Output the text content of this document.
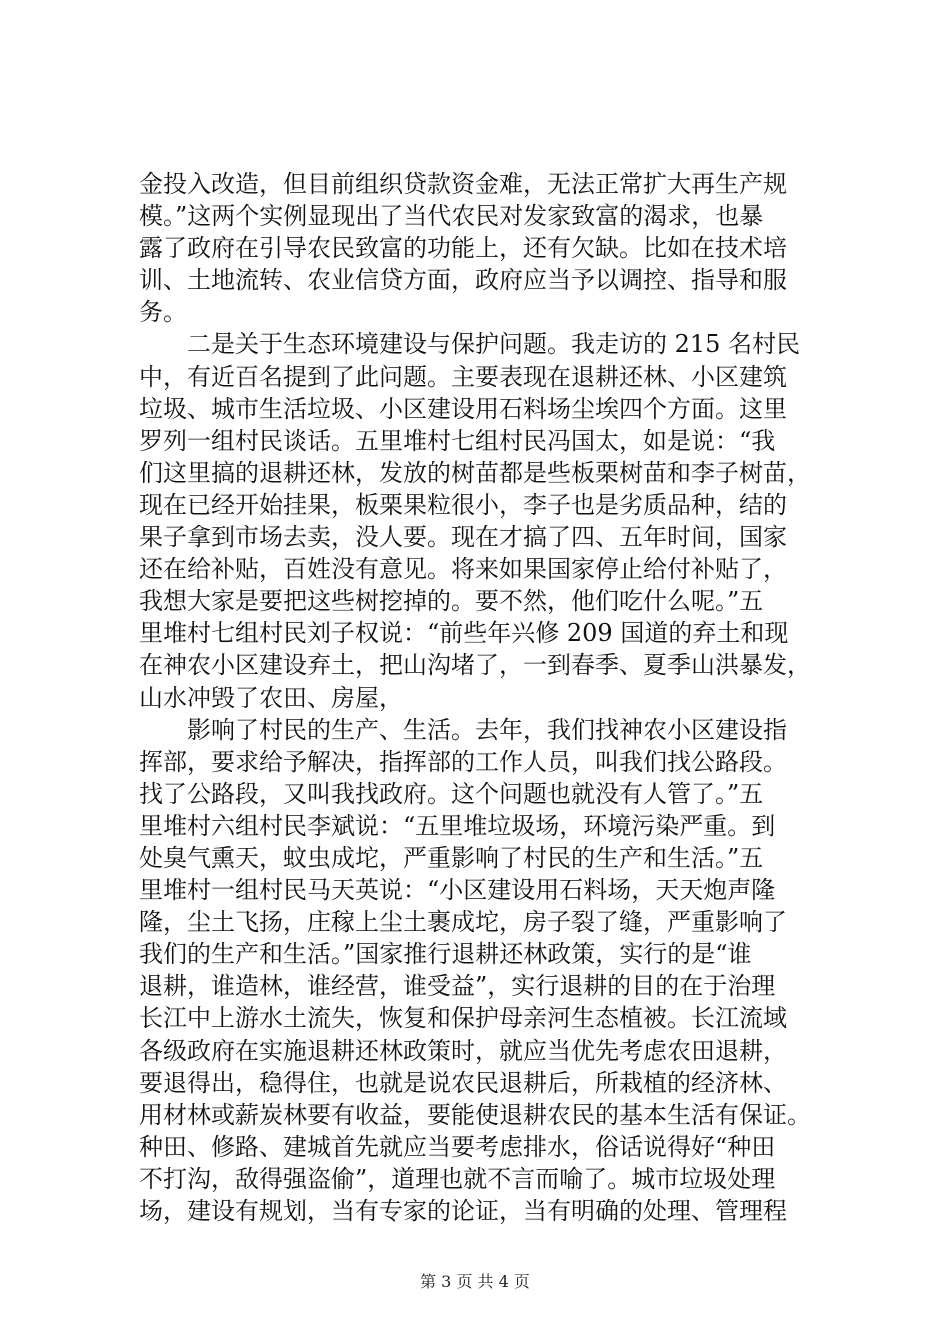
金投入改造，但目前组织贷款资金难，无法正常扩大再生产规
模。”这两个实例显现出了当代农民对发家致富的渴求，也暴
露了政府在引导农民致富的功能上，还有欠缺。比如在技术培
训、土地流转、农业信贷方面，政府应当予以调控、指导和服
务。
　　二是关于生态环境建设与保护问题。我走访的 215 名村民
中，有近百名提到了此问题。主要表现在退耕还林、小区建筑
垃圾、城市生活垃圾、小区建设用石料场尘埃四个方面。这里
罗列一组村民谈话。五里堆村七组村民冯国太，如是说：“我
们这里搞的退耕还林，发放的树苗都是些板栗树苗和李子树苗，
现在已经开始挂果，板栗果粒很小，李子也是劣质品种，结的
果子拿到市场去卖，没人要。现在才搞了四、五年时间，国家
还在给补贴，百姓没有意见。将来如果国家停止给付补贴了，
我想大家是要把这些树挖掉的。要不然，他们吃什么呢。”五
里堆村七组村民刘子权说：“前些年兴修 209 国道的弃土和现
在神农小区建设弃土，把山沟堵了，一到春季、夏季山洪暴发，
山水冲毁了农田、房屋，
　　影响了村民的生产、生活。去年，我们找神农小区建设指
挥部，要求给予解决，指挥部的工作人员，叫我们找公路段。
找了公路段，又叫我找政府。这个问题也就没有人管了。”五
里堆村六组村民李斌说：“五里堆垃圾场，环境污染严重。到
处臭气熏天，蚊虫成坨，严重影响了村民的生产和生活。”五
里堆村一组村民马天英说：“小区建设用石料场，天天炮声隆
隆，尘土飞扬，庄稼上尘土裹成坨，房子裂了缝，严重影响了
我们的生产和生活。”国家推行退耕还林政策，实行的是“谁
退耕，谁造林，谁经营，谁受益”，实行退耕的目的在于治理
长江中上游水土流失，恢复和保护母亲河生态植被。长江流域
各级政府在实施退耕还林政策时，就应当优先考虑农田退耕，
要退得出，稳得住，也就是说农民退耕后，所栽植的经济林、
用材林或薪炭林要有收益，要能使退耕农民的基本生活有保证。
种田、修路、建城首先就应当要考虑排水，俗话说得好“种田
不打沟，敌得强盗偷”，道理也就不言而喻了。城市垃圾处理
场，建设有规划，当有专家的论证，当有明确的处理、管理程
第 3 页 共 4 页
